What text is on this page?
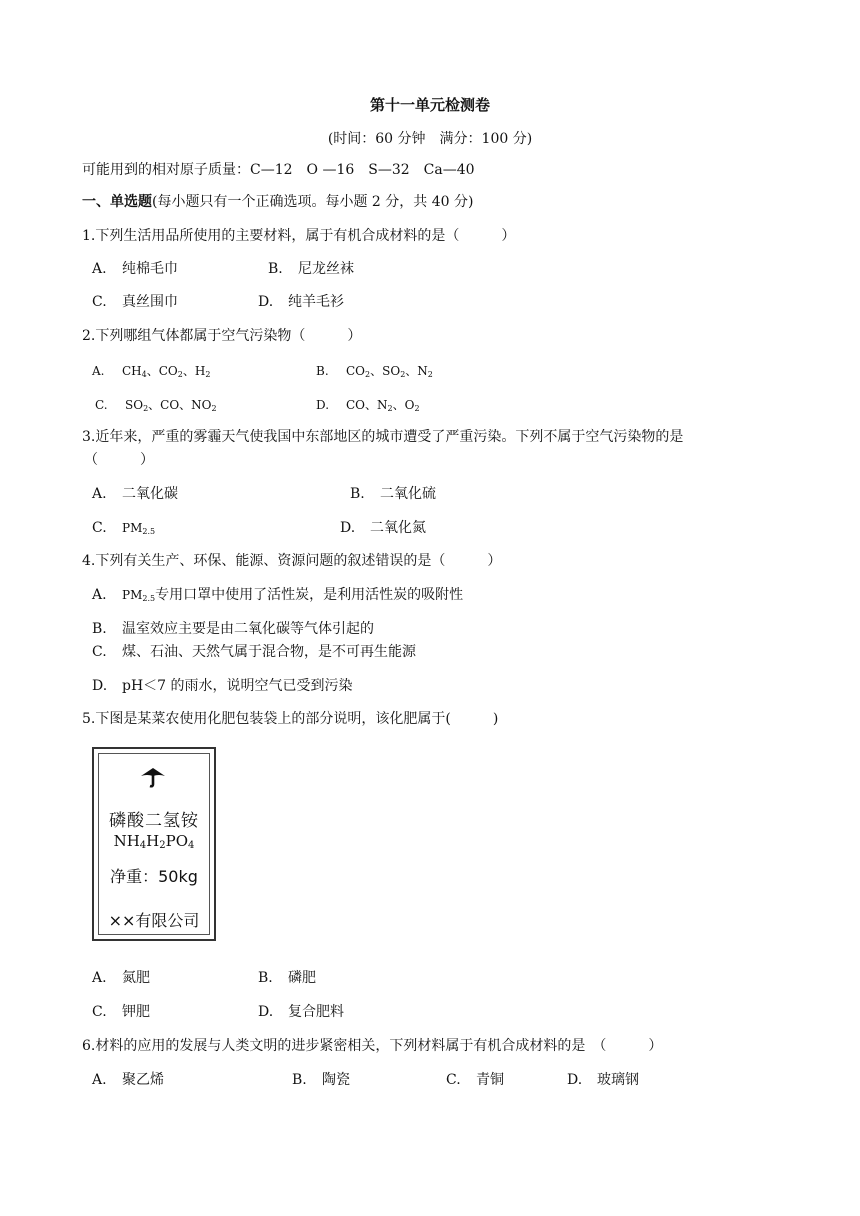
第十一单元检测卷
(时间：60 分钟　满分：100 分)
可能用到的相对原子质量：C—12　O —16　S—32　Ca—40
一、单选题(每小题只有一个正确选项。每小题 2 分，共 40 分)
1.下列生活用品所使用的主要材料，属于有机合成材料的是（　　　）
A. 纯棉毛巾	B. 尼龙丝袜
C. 真丝围巾	D. 纯羊毛衫
2.下列哪组气体都属于空气污染物（　　　）
A. $CH_4$、$CO_2$、$H_2$	B. $CO_2$、$SO_2$、$N_2$
C. $SO_2$、CO、$NO_2$	D. CO、$N_2$、$O_2$
3.近年来，严重的雾霾天气使我国中东部地区的城市遭受了严重污染。下列不属于空气污染物的是
（　　　）
A. 二氧化碳	B. 二氧化硫
C. $PM_{2.5}$	D. 二氧化氮
4.下列有关生产、环保、能源、资源问题的叙述错误的是（　　　）
A. $PM_{2.5}$专用口罩中使用了活性炭，是利用活性炭的吸附性
B. 温室效应主要是由二氧化碳等气体引起的
C. 煤、石油、天然气属于混合物，是不可再生能源
D. pH＜7 的雨水，说明空气已受到污染
5.下图是某菜农使用化肥包装袋上的部分说明，该化肥属于(　　　)
磷酸二氢铵
$NH_4H_2PO_4$
净重：50kg
××有限公司
A. 氮肥	B. 磷肥
C. 钾肥	D. 复合肥料
6.材料的应用的发展与人类文明的进步紧密相关，下列材料属于有机合成材料的是　（　　　）
A. 聚乙烯	B. 陶瓷	C. 青铜	D. 玻璃钢
